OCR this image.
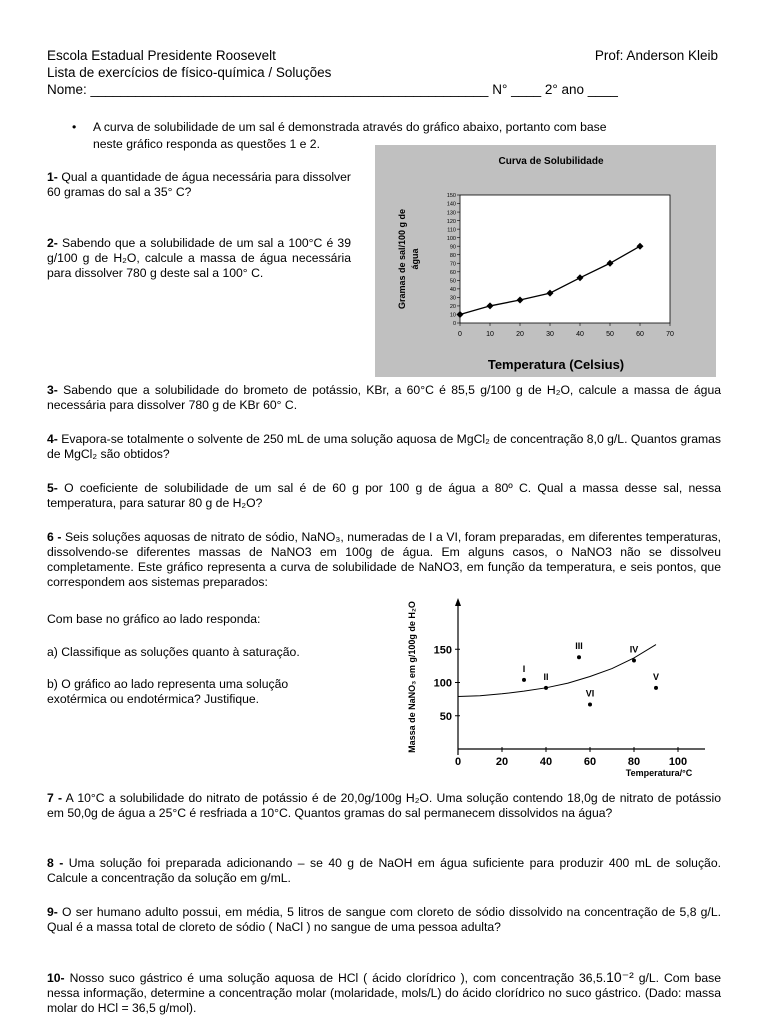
Escola Estadual Presidente Roosevelt	Prof: Anderson Kleib
Lista de exercícios de físico-química / Soluções
Nome: _____________________________________________________ N° ____ 2° ano ____
• A curva de solubilidade de um sal é demonstrada através do gráfico abaixo, portanto com base
neste gráfico responda as questões 1 e 2.
1- Qual a quantidade de água necessária para dissolver 60 gramas do sal a 35° C?
2- Sabendo que a solubilidade de um sal a 100°C é 39 g/100 g de H₂O, calcule a massa de água necessária para dissolver 780 g deste sal a 100° C.
Curva de Solubilidade
0
10
20
30
40
50
60
70
80
90
100
110
120
130
140
150
0	10	20	30	40	50	60	70
Gramas de sal/100 g de água
Temperatura (Celsius)
3- Sabendo que a solubilidade do brometo de potássio, KBr, a 60°C é 85,5 g/100 g de H₂O, calcule a massa de água necessária para dissolver 780 g de KBr 60° C.
4- Evapora-se totalmente o solvente de 250 mL de uma solução aquosa de MgCl₂ de concentração 8,0 g/L. Quantos gramas de MgCl₂ são obtidos?
5- O coeficiente de solubilidade de um sal é de 60 g por 100 g de água a 80º C. Qual a massa desse sal, nessa temperatura, para saturar 80 g de H₂O?
6 - Seis soluções aquosas de nitrato de sódio, NaNO₃, numeradas de I a VI, foram preparadas, em diferentes temperaturas, dissolvendo-se diferentes massas de NaNO3 em 100g de água. Em alguns casos, o NaNO3 não se dissolveu completamente. Este gráfico representa a curva de solubilidade de NaNO3, em função da temperatura, e seis pontos, que correspondem aos sistemas preparados:
Com base no gráfico ao lado responda:
a) Classifique as soluções quanto à saturação.
b) O gráfico ao lado representa uma solução exotérmica ou endotérmica? Justifique.
50
100
150
0	20	40	60	80	100
I
II
III	IV
V
VI
Massa de NaNO₃ em g/100g de H₂O
Temperatura/°C
7 - A 10°C a solubilidade do nitrato de potássio é de 20,0g/100g H₂O. Uma solução contendo 18,0g de nitrato de potássio em 50,0g de água a 25°C é resfriada a 10°C. Quantos gramas do sal permanecem dissolvidos na água?
8 - Uma solução foi preparada adicionando – se 40 g de NaOH em água suficiente para produzir 400 mL de solução. Calcule a concentração da solução em g/mL.
9- O ser humano adulto possui, em média, 5 litros de sangue com cloreto de sódio dissolvido na concentração de 5,8 g/L. Qual é a massa total de cloreto de sódio ( NaCl ) no sangue de uma pessoa adulta?
10- Nosso suco gástrico é uma solução aquosa de HCl ( ácido clorídrico ), com concentração 36,5.10⁻² g/L. Com base nessa informação, determine a concentração molar (molaridade, mols/L) do ácido clorídrico no suco gástrico. (Dado: massa molar do HCl = 36,5 g/mol).
